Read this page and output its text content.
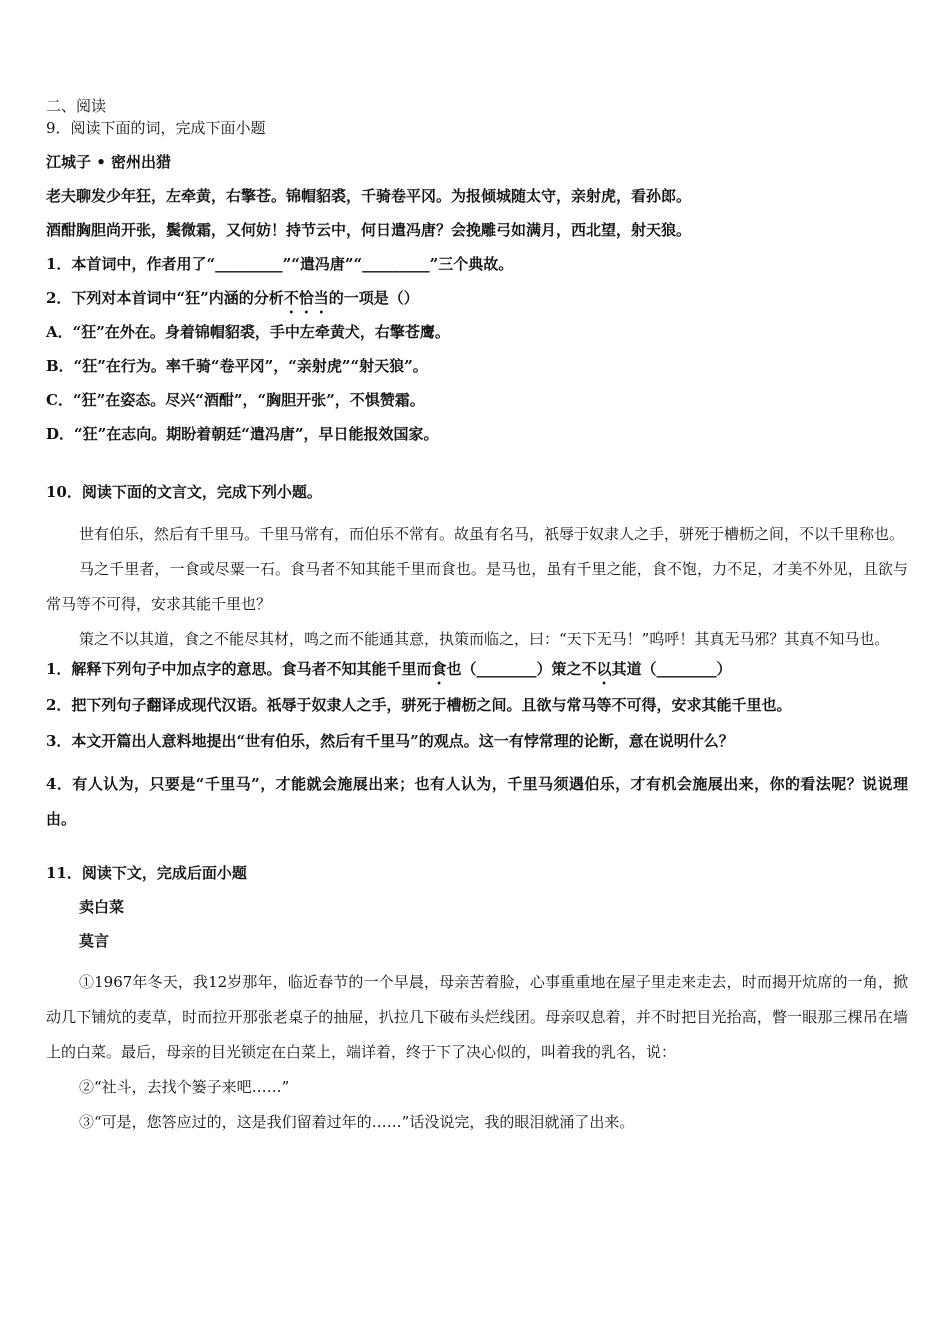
二、阅读

9．阅读下面的词，完成下面小题

江城子 • 密州出猎

老夫聊发少年狂，左牵黄，右擎苍。锦帽貂裘，千骑卷平冈。为报倾城随太守，亲射虎，看孙郎。

酒酣胸胆尚开张，鬓微霜，又何妨！持节云中，何日遣冯唐？会挽雕弓如满月，西北望，射天狼。

1．本首词中，作者用了“_________”“遣冯唐”“_________”三个典故。

2．下列对本首词中“狂”内涵的分析不恰当的一项是（）

A．“狂”在外在。身着锦帽貂裘，手中左牵黄犬，右擎苍鹰。

B．“狂”在行为。率千骑“卷平冈”，“亲射虎”“射天狼”。

C．“狂”在姿态。尽兴“酒酣”，“胸胆开张”，不惧赞霜。

D．“狂”在志向。期盼着朝廷“遣冯唐”，早日能报效国家。

10．阅读下面的文言文，完成下列小题。

世有伯乐，然后有千里马。千里马常有，而伯乐不常有。故虽有名马，祇辱于奴隶人之手，骈死于槽枥之间，不以千里称也。

马之千里者，一食或尽粟一石。食马者不知其能千里而食也。是马也，虽有千里之能，食不饱，力不足，才美不外见，且欲与常马等不可得，安求其能千里也？

策之不以其道，食之不能尽其材，鸣之而不能通其意，执策而临之，曰：“天下无马！”呜呼！其真无马邪？其真不知马也。

1．解释下列句子中加点字的意思。食马者不知其能千里而食也（________）策之不以其道（________）

2．把下列句子翻译成现代汉语。祇辱于奴隶人之手，骈死于槽枥之间。且欲与常马等不可得，安求其能千里也。

3．本文开篇出人意料地提出“世有伯乐，然后有千里马”的观点。这一有悖常理的论断，意在说明什么？

4．有人认为，只要是“千里马”，才能就会施展出来；也有人认为，千里马须遇伯乐，才有机会施展出来，你的看法呢？说说理由。

11．阅读下文，完成后面小题

卖白菜

莫言

①1967年冬天，我12岁那年，临近春节的一个早晨，母亲苦着脸，心事重重地在屋子里走来走去，时而揭开炕席的一角，掀动几下铺炕的麦草，时而拉开那张老桌子的抽屉，扒拉几下破布头烂线团。母亲叹息着，并不时把目光抬高，瞥一眼那三棵吊在墙上的白菜。最后，母亲的目光锁定在白菜上，端详着，终于下了决心似的，叫着我的乳名，说：

②“社斗，去找个篓子来吧……”

③“可是，您答应过的，这是我们留着过年的……”话没说完，我的眼泪就涌了出来。
